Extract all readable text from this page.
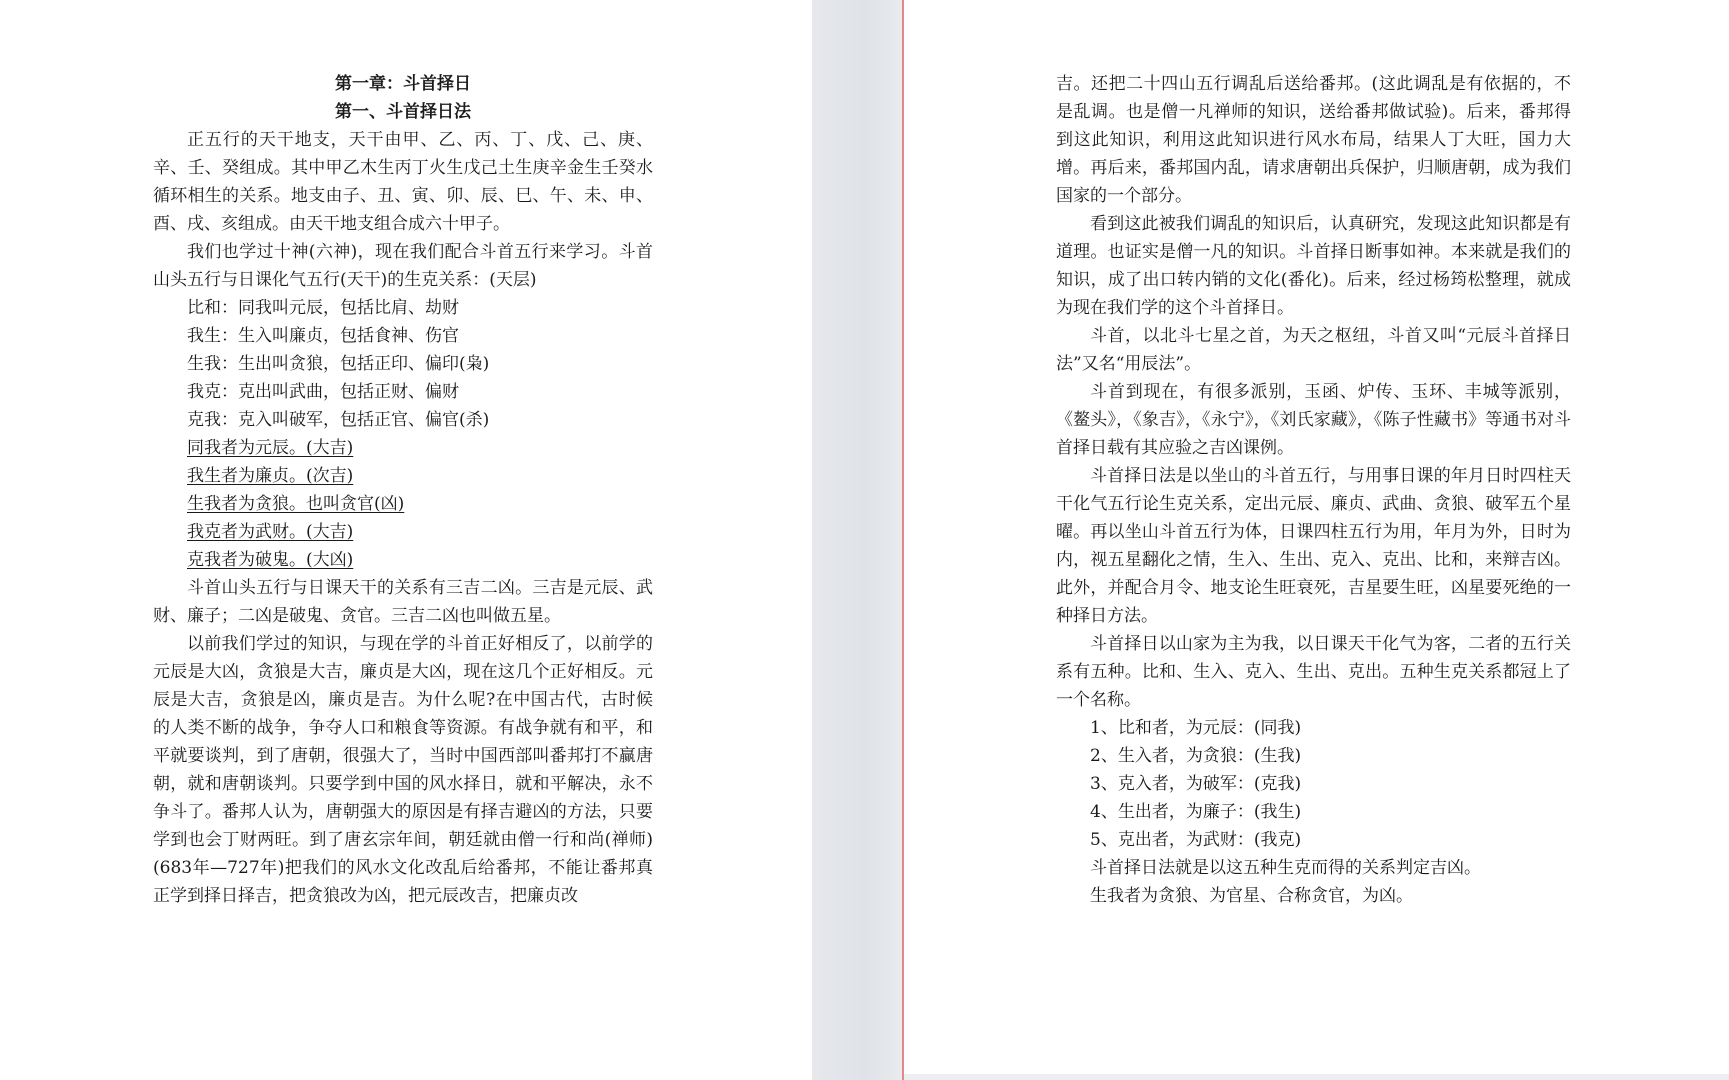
第一章：斗首择日
第一、斗首择日法

正五行的天干地支，天干由甲、乙、丙、丁、戊、己、庚、辛、壬、癸组成。其中甲乙木生丙丁火生戊己土生庚辛金生壬癸水循环相生的关系。地支由子、丑、寅、卯、辰、巳、午、未、申、酉、戌、亥组成。由天干地支组合成六十甲子。

我们也学过十神(六神)，现在我们配合斗首五行来学习。斗首山头五行与日课化气五行(天干)的生克关系：(天层)

比和：同我叫元辰，包括比肩、劫财

我生：生入叫廉贞，包括食神、伤官

生我：生出叫贪狼，包括正印、偏印(枭)

我克：克出叫武曲，包括正财、偏财

克我：克入叫破军，包括正官、偏官(杀)

同我者为元辰。(大吉)

我生者为廉贞。(次吉)

生我者为贪狼。也叫贪官(凶)

我克者为武财。(大吉)

克我者为破鬼。(大凶)

斗首山头五行与日课天干的关系有三吉二凶。三吉是元辰、武财、廉子；二凶是破鬼、贪官。三吉二凶也叫做五星。

以前我们学过的知识，与现在学的斗首正好相反了，以前学的元辰是大凶，贪狼是大吉，廉贞是大凶，现在这几个正好相反。元辰是大吉，贪狼是凶，廉贞是吉。为什么呢?在中国古代，古时候的人类不断的战争，争夺人口和粮食等资源。有战争就有和平，和平就要谈判，到了唐朝，很强大了，当时中国西部叫番邦打不赢唐朝，就和唐朝谈判。只要学到中国的风水择日，就和平解决，永不争斗了。番邦人认为，唐朝强大的原因是有择吉避凶的方法，只要学到也会丁财两旺。到了唐玄宗年间，朝廷就由僧一行和尚(禅师)(683年—727年)把我们的风水文化改乱后给番邦，不能让番邦真正学到择日择吉，把贪狼改为凶，把元辰改吉，把廉贞改

吉。还把二十四山五行调乱后送给番邦。(这此调乱是有依据的，不是乱调。也是僧一凡禅师的知识，送给番邦做试验)。后来，番邦得到这此知识，利用这此知识进行风水布局，结果人丁大旺，国力大增。再后来，番邦国内乱，请求唐朝出兵保护，归顺唐朝，成为我们国家的一个部分。

看到这此被我们调乱的知识后，认真研究，发现这此知识都是有道理。也证实是僧一凡的知识。斗首择日断事如神。本来就是我们的知识，成了出口转内销的文化(番化)。后来，经过杨筠松整理，就成为现在我们学的这个斗首择日。

斗首，以北斗七星之首，为天之枢纽，斗首又叫“元辰斗首择日法”又名“用辰法”。

斗首到现在，有很多派别，玉函、炉传、玉环、丰城等派别，《鳌头》，《象吉》，《永宁》，《刘氏家藏》，《陈子性藏书》等通书对斗首择日载有其应验之吉凶课例。

斗首择日法是以坐山的斗首五行，与用事日课的年月日时四柱天干化气五行论生克关系，定出元辰、廉贞、武曲、贪狼、破军五个星曜。再以坐山斗首五行为体，日课四柱五行为用，年月为外，日时为内，视五星翻化之情，生入、生出、克入、克出、比和，来辩吉凶。此外，并配合月令、地支论生旺衰死，吉星要生旺，凶星要死绝的一种择日方法。

斗首择日以山家为主为我，以日课天干化气为客，二者的五行关系有五种。比和、生入、克入、生出、克出。五种生克关系都冠上了一个名称。

1、比和者，为元辰：(同我)

2、生入者，为贪狼：(生我)

3、克入者，为破军：(克我)

4、生出者，为廉子：(我生)

5、克出者，为武财：(我克)

斗首择日法就是以这五种生克而得的关系判定吉凶。

生我者为贪狼、为官星、合称贪官，为凶。
